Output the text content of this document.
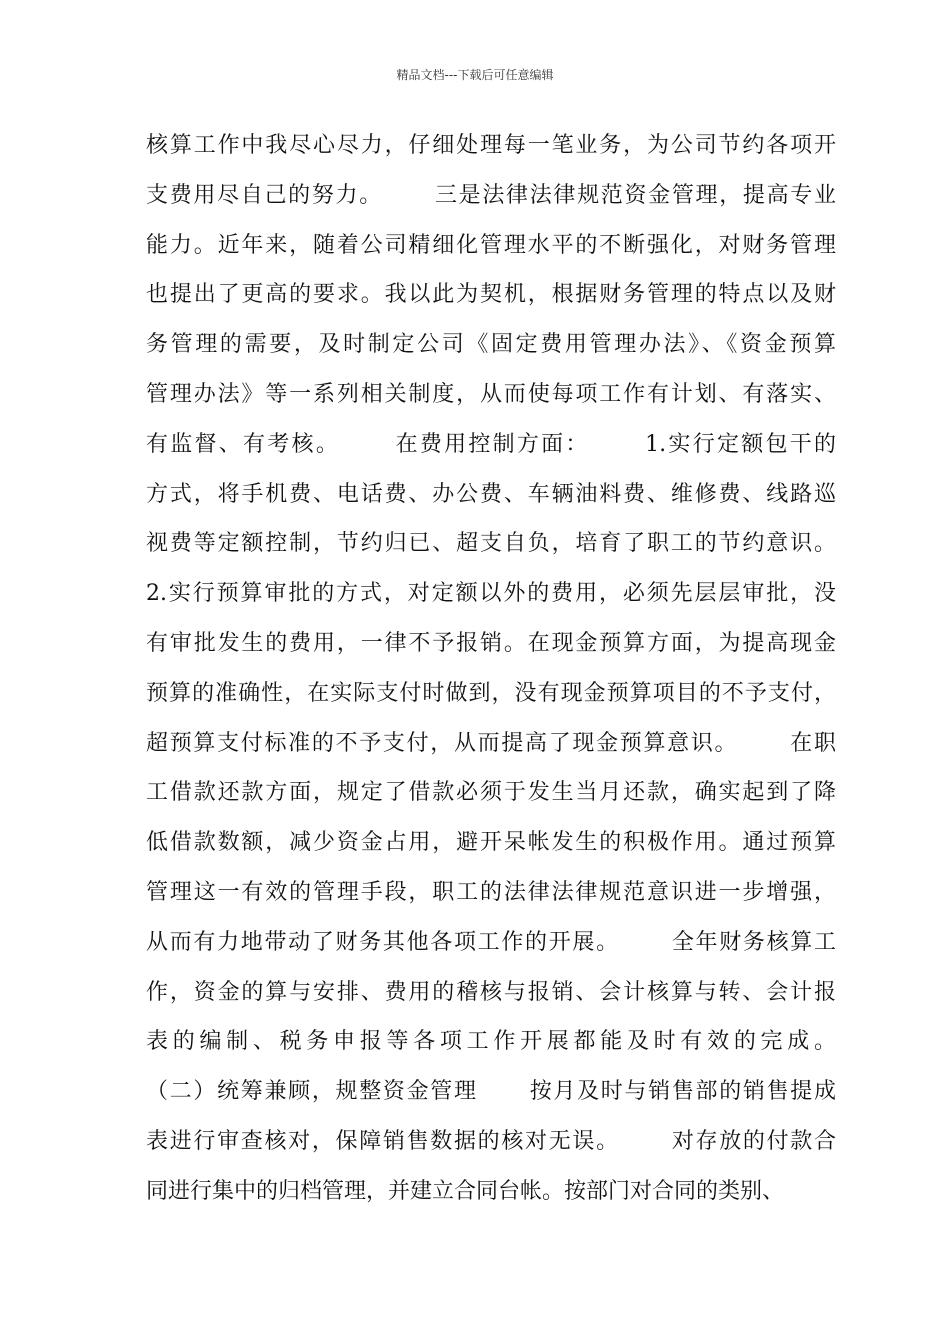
精品文档---下载后可任意编辑
核算工作中我尽心尽力，仔细处理每一笔业务，为公司节约各项开
支费用尽自己的努力。      三是法律法律规范资金管理，提高专业
能力。近年来，随着公司精细化管理水平的不断强化，对财务管理
也提出了更高的要求。我以此为契机，根据财务管理的特点以及财
务管理的需要，及时制定公司《固定费用管理办法》、《资金预算
管理办法》等一系列相关制度，从而使每项工作有计划、有落实、
有监督、有考核。      在费用控制方面：      1.实行定额包干的
方式，将手机费、电话费、办公费、车辆油料费、维修费、线路巡
视费等定额控制，节约归已、超支自负，培育了职工的节约意识。
2.实行预算审批的方式，对定额以外的费用，必须先层层审批，没
有审批发生的费用，一律不予报销。在现金预算方面，为提高现金
预算的准确性，在实际支付时做到，没有现金预算项目的不予支付，
超预算支付标准的不予支付，从而提高了现金预算意识。      在职
工借款还款方面，规定了借款必须于发生当月还款，确实起到了降
低借款数额，减少资金占用，避开呆帐发生的积极作用。通过预算
管理这一有效的管理手段，职工的法律法律规范意识进一步增强，
从而有力地带动了财务其他各项工作的开展。      全年财务核算工
作，资金的算与安排、费用的稽核与报销、会计核算与转、会计报
表的编制、税务申报等各项工作开展都能及时有效的完成。
（二）统筹兼顾，规整资金管理      按月及时与销售部的销售提成
表进行审查核对，保障销售数据的核对无误。      对存放的付款合
同进行集中的归档管理，并建立合同台帐。按部门对合同的类别、
